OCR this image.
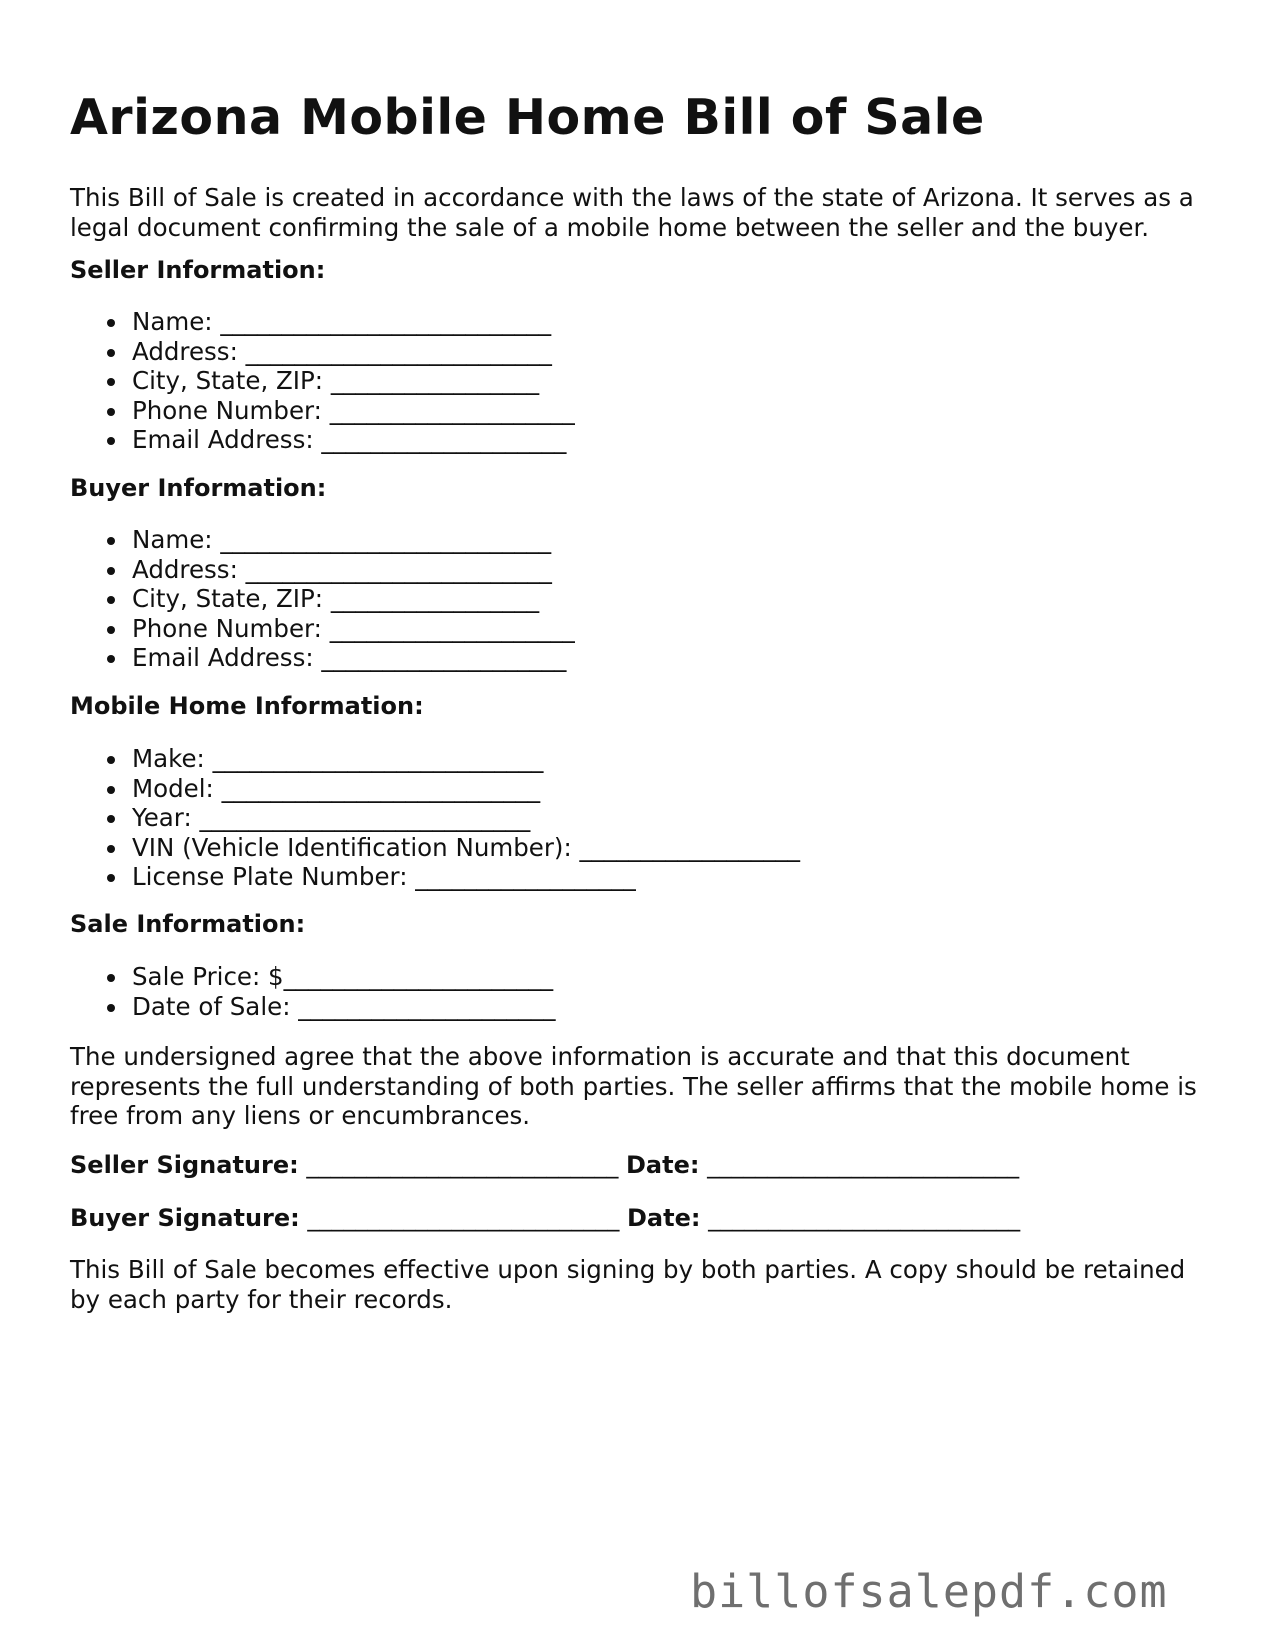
Arizona Mobile Home Bill of Sale

This Bill of Sale is created in accordance with the laws of the state of Arizona. It serves as a legal document confirming the sale of a mobile home between the seller and the buyer.

Seller Information:
Name: ___________________________
Address: _________________________
City, State, ZIP: _________________
Phone Number: ____________________
Email Address: ____________________
Buyer Information:
Name: ___________________________
Address: _________________________
City, State, ZIP: _________________
Phone Number: ____________________
Email Address: ____________________
Mobile Home Information:
Make: ___________________________
Model: __________________________
Year: ___________________________
VIN (Vehicle Identification Number): __________________
License Plate Number: __________________
Sale Information:
Sale Price: $______________________
Date of Sale: _____________________

The undersigned agree that the above information is accurate and that this document represents the full understanding of both parties. The seller affirms that the mobile home is free from any liens or encumbrances.

Seller Signature: __________________________ Date: __________________________
Buyer Signature: __________________________ Date: __________________________

This Bill of Sale becomes effective upon signing by both parties. A copy should be retained by each party for their records.

billofsalepdf.com
